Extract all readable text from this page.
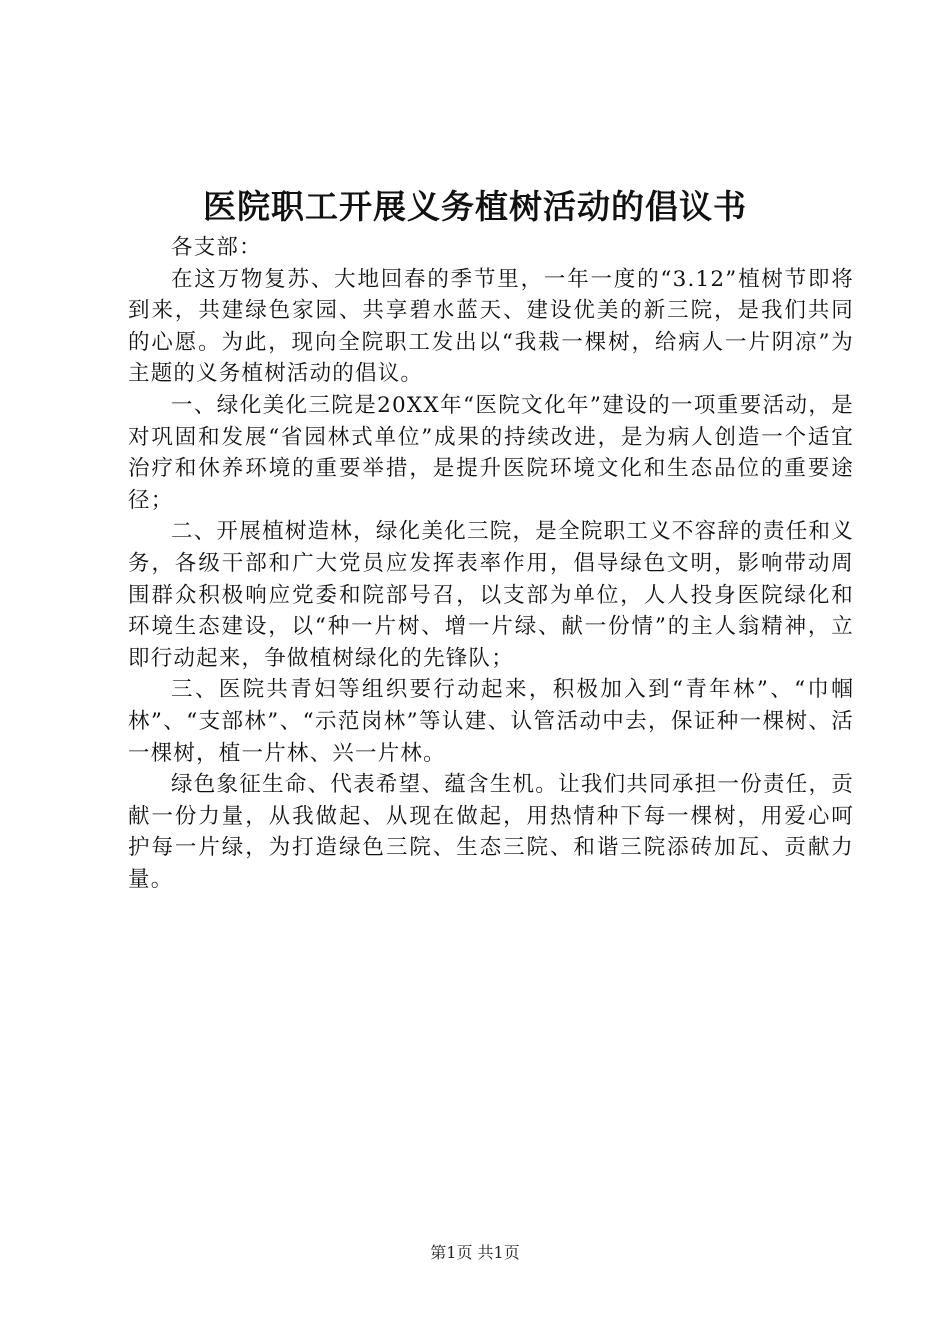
医院职工开展义务植树活动的倡议书

各支部：

在这万物复苏、大地回春的季节里，一年一度的“3.12”植树节即将到来，共建绿色家园、共享碧水蓝天、建设优美的新三院，是我们共同的心愿。为此，现向全院职工发出以“我栽一棵树，给病人一片阴凉”为主题的义务植树活动的倡议。

一、绿化美化三院是20XX年“医院文化年”建设的一项重要活动，是对巩固和发展“省园林式单位”成果的持续改进，是为病人创造一个适宜治疗和休养环境的重要举措，是提升医院环境文化和生态品位的重要途径；

二、开展植树造林，绿化美化三院，是全院职工义不容辞的责任和义务，各级干部和广大党员应发挥表率作用，倡导绿色文明，影响带动周围群众积极响应党委和院部号召，以支部为单位，人人投身医院绿化和环境生态建设，以“种一片树、增一片绿、献一份情”的主人翁精神，立即行动起来，争做植树绿化的先锋队；

三、医院共青妇等组织要行动起来，积极加入到“青年林”、“巾帼林”、“支部林”、“示范岗林”等认建、认管活动中去，保证种一棵树、活一棵树，植一片林、兴一片林。

绿色象征生命、代表希望、蕴含生机。让我们共同承担一份责任，贡献一份力量，从我做起、从现在做起，用热情种下每一棵树，用爱心呵护每一片绿，为打造绿色三院、生态三院、和谐三院添砖加瓦、贡献力量。

第1页 共1页
